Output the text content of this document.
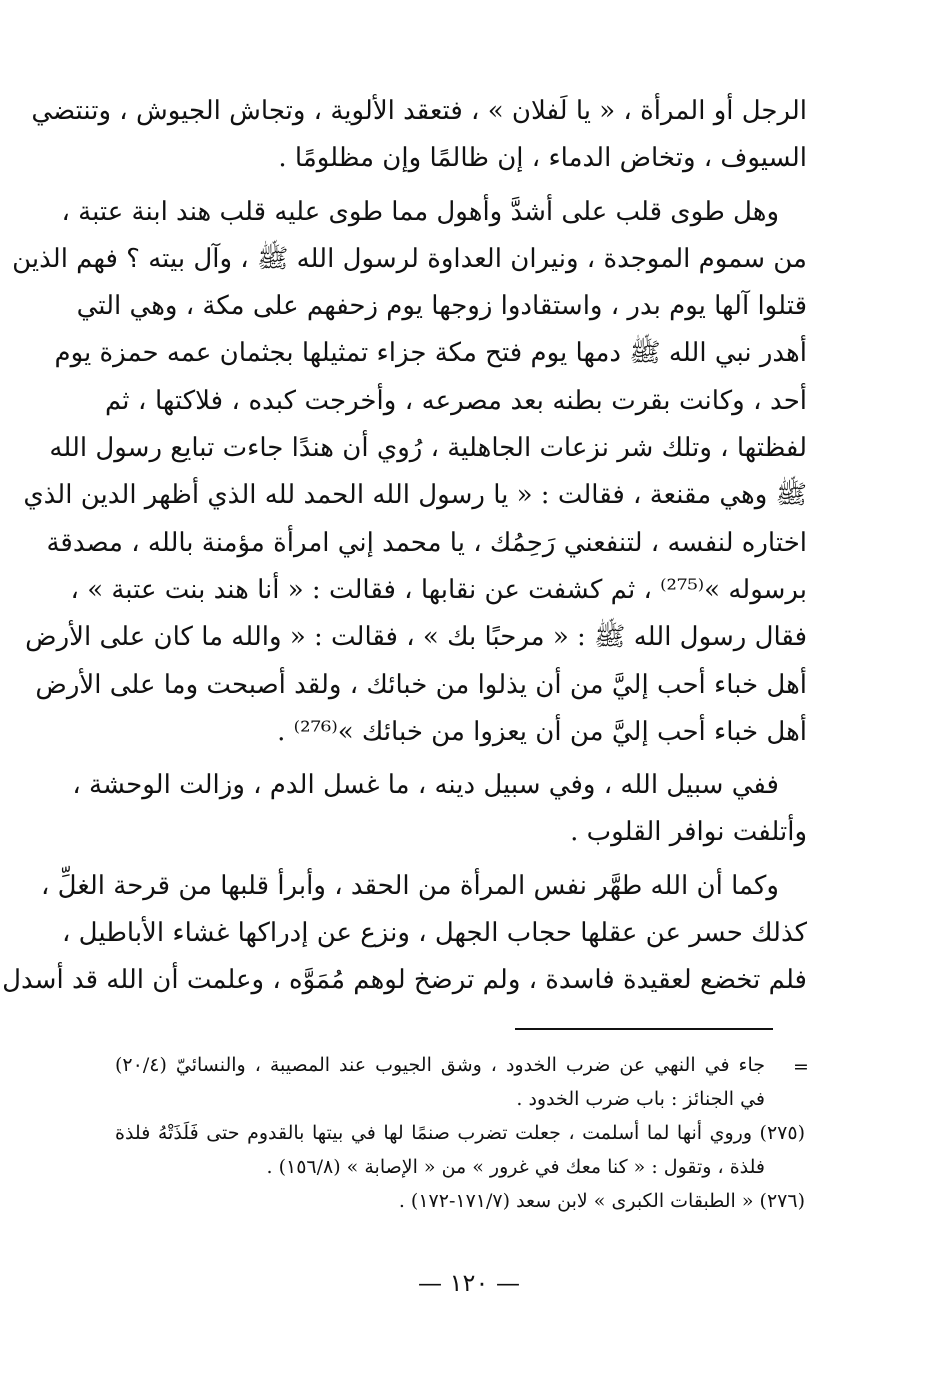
الرجل أو المرأة ، « يا لَفلان » ، فتعقد الألوية ، وتجاش الجيوش ، وتنتضي
السيوف ، وتخاض الدماء ، إن ظالمًا وإن مظلومًا .
وهل طوى قلب على أشدَّ وأهول مما طوى عليه قلب هند ابنة عتبة ،
من سموم الموجدة ، ونيران العداوة لرسول الله ﷺ ، وآل بيته ؟ فهم الذين
قتلوا آلها يوم بدر ، واستقادوا زوجها يوم زحفهم على مكة ، وهي التي
أهدر نبي الله ﷺ دمها يوم فتح مكة جزاء تمثيلها بجثمان عمه حمزة يوم
أحد ، وكانت بقرت بطنه بعد مصرعه ، وأخرجت كبده ، فلاكتها ، ثم
لفظتها ، وتلك شر نزعات الجاهلية ، رُوي أن هندًا جاءت تبايع رسول الله
ﷺ وهي مقنعة ، فقالت : « يا رسول الله الحمد لله الذي أظهر الدين الذي
اختاره لنفسه ، لتنفعني رَحِمُك ، يا محمد إني امرأة مؤمنة بالله ، مصدقة
برسوله »⁽²⁷⁵⁾ ، ثم كشفت عن نقابها ، فقالت : « أنا هند بنت عتبة » ،
فقال رسول الله ﷺ : « مرحبًا بك » ، فقالت : « والله ما كان على الأرض
أهل خباء أحب إليَّ من أن يذلوا من خبائك ، ولقد أصبحت وما على الأرض
أهل خباء أحب إليَّ من أن يعزوا من خبائك »⁽²⁷⁶⁾ .
ففي سبيل الله ، وفي سبيل دينه ، ما غسل الدم ، وزالت الوحشة ،
وأتلفت نوافر القلوب .
وكما أن الله طهَّر نفس المرأة من الحقد ، وأبرأ قلبها من قرحة الغلِّ ،
كذلك حسر عن عقلها حجاب الجهل ، ونزع عن إدراكها غشاء الأباطيل ،
فلم تخضع لعقيدة فاسدة ، ولم ترضخ لوهم مُمَوَّه ، وعلمت أن الله قد أسدل
=
جاء في النهي عن ضرب الخدود ، وشق الجيوب عند المصيبة ، والنسائيّ (٢٠/٤)
في الجنائز : باب ضرب الخدود .
(٢٧٥) وروي أنها لما أسلمت ، جعلت تضرب صنمًا لها في بيتها بالقدوم حتى فَلَذَتْهُ فلذة
فلذة ، وتقول : « كنا معك في غرور » من « الإصابة » (١٥٦/٨) .
(٢٧٦) « الطبقات الكبرى » لابن سعد (١٧١/٧-١٧٢) .
— ١٢٠ —
